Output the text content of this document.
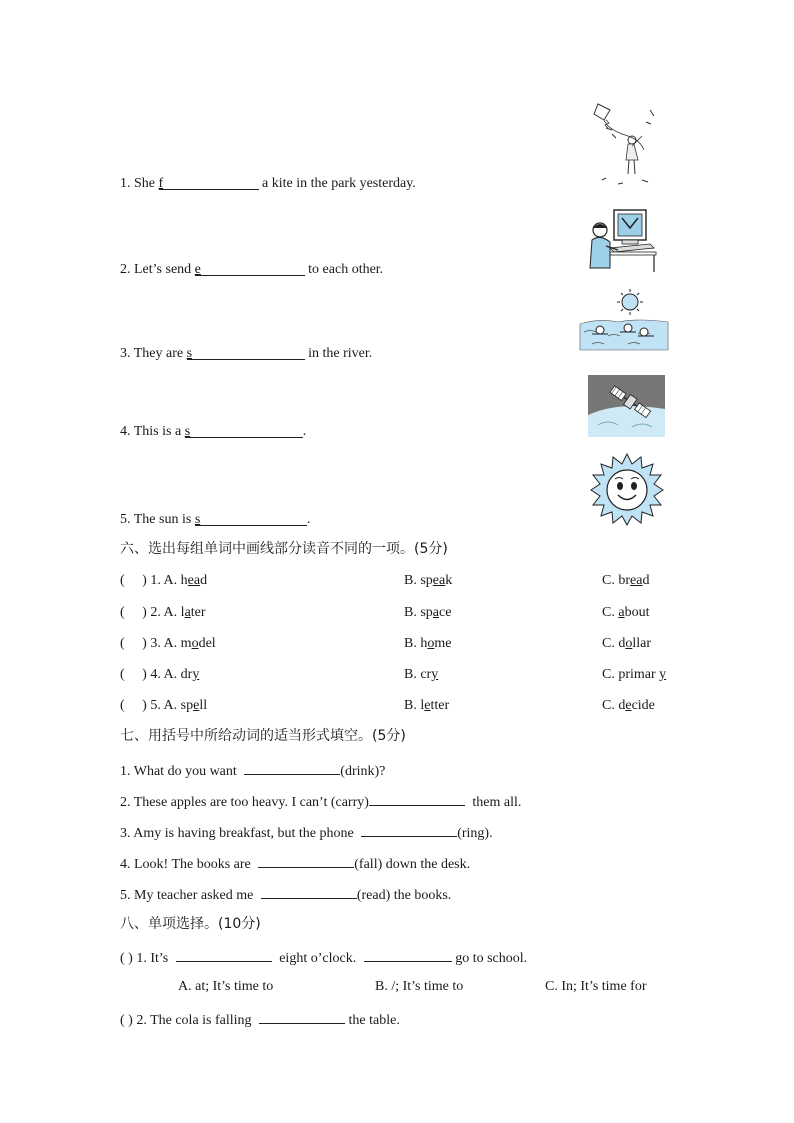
1. She f	a kite in the park yesterday.
2. Let’s send e	to each other.
3. They are s	in the river.
4. This is a s	.
5. The sun is s	.
六、选出每组单词中画线部分读音不同的一项。(5分)
(     ) 1. A. head	B. speak	C. bread
(     ) 2. A. later	B. space	C. about
(     ) 3. A. model	B. home	C. dollar
(     ) 4. A. dry	B. cry	C. primar y
(     ) 5. A. spell	B. letter	C. decide
七、用括号中所给动词的适当形式填空。(5分)
1. What do you want	(drink)?
2. These apples are too heavy. I can’t (carry)	them all.
3. Amy is having breakfast, but the phone	(ring).
4. Look! The books are	(fall) down the desk.
5. My teacher asked me	(read) the books.
八、单项选择。(10分)
( ) 1. It’s	eight o’clock.	go to school.
A. at; It’s time to	B. /; It’s time to	C. In; It’s time for
( ) 2. The cola is falling	the table.
